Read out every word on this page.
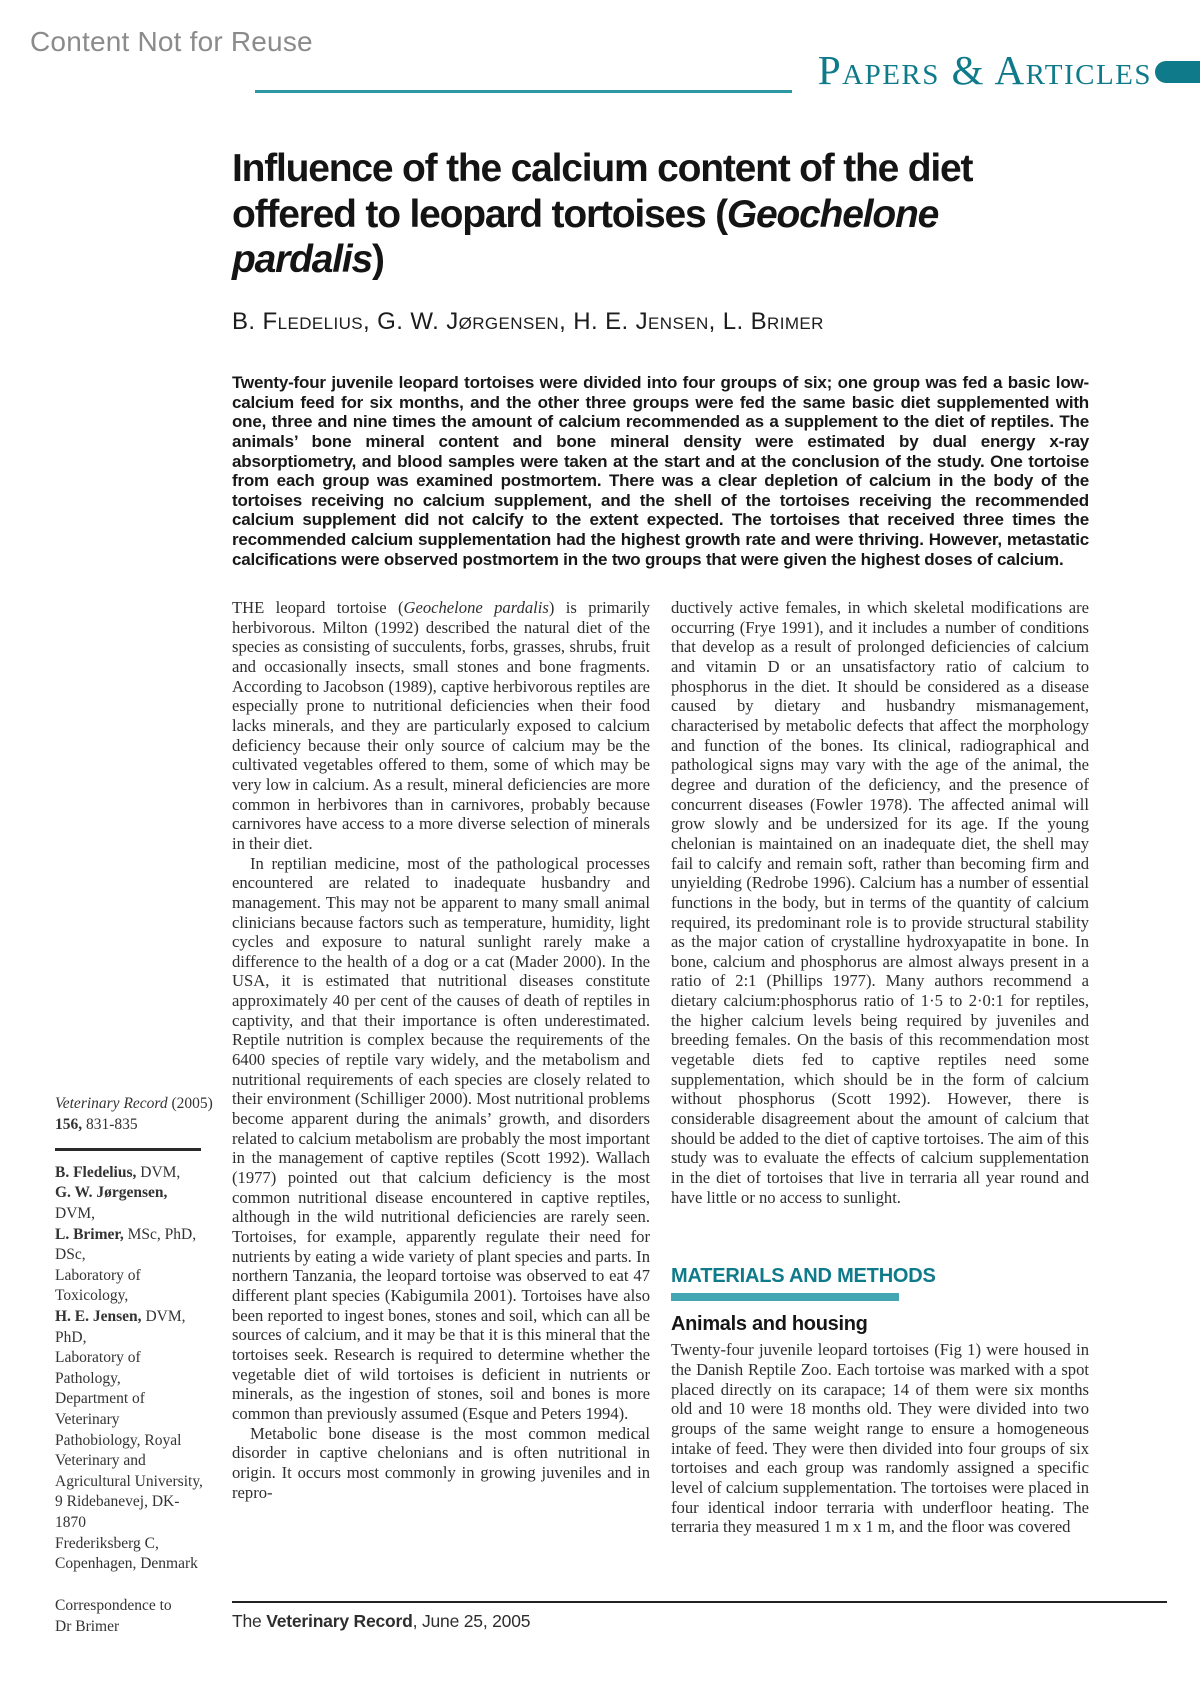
Content Not for Reuse
Papers & Articles
Influence of the calcium content of the diet offered to leopard tortoises (Geochelone pardalis)
B. Fledelius, G. W. Jørgensen, H. E. Jensen, L. Brimer
Twenty-four juvenile leopard tortoises were divided into four groups of six; one group was fed a basic low-calcium feed for six months, and the other three groups were fed the same basic diet supplemented with one, three and nine times the amount of calcium recommended as a supplement to the diet of reptiles. The animals’ bone mineral content and bone mineral density were estimated by dual energy x-ray absorptiometry, and blood samples were taken at the start and at the conclusion of the study. One tortoise from each group was examined postmortem. There was a clear depletion of calcium in the body of the tortoises receiving no calcium supplement, and the shell of the tortoises receiving the recommended calcium supplement did not calcify to the extent expected. The tortoises that received three times the recommended calcium supplementation had the highest growth rate and were thriving. However, metastatic calcifications were observed postmortem in the two groups that were given the highest doses of calcium.

THE leopard tortoise (Geochelone pardalis) is primarily herbivorous. Milton (1992) described the natural diet of the species as consisting of succulents, forbs, grasses, shrubs, fruit and occasionally insects, small stones and bone fragments. According to Jacobson (1989), captive herbivorous reptiles are especially prone to nutritional deficiencies when their food lacks minerals, and they are particularly exposed to calcium deficiency because their only source of calcium may be the cultivated vegetables offered to them, some of which may be very low in calcium. As a result, mineral deficiencies are more common in herbivores than in carnivores, probably because carnivores have access to a more diverse selection of minerals in their diet.

In reptilian medicine, most of the pathological processes encountered are related to inadequate husbandry and management. This may not be apparent to many small animal clinicians because factors such as temperature, humidity, light cycles and exposure to natural sunlight rarely make a difference to the health of a dog or a cat (Mader 2000). In the USA, it is estimated that nutritional diseases constitute approximately 40 per cent of the causes of death of reptiles in captivity, and that their importance is often underestimated. Reptile nutrition is complex because the requirements of the 6400 species of reptile vary widely, and the metabolism and nutritional requirements of each species are closely related to their environment (Schilliger 2000). Most nutritional problems become apparent during the animals’ growth, and disorders related to calcium metabolism are probably the most important in the management of captive reptiles (Scott 1992). Wallach (1977) pointed out that calcium deficiency is the most common nutritional disease encountered in captive reptiles, although in the wild nutritional deficiencies are rarely seen. Tortoises, for example, apparently regulate their need for nutrients by eating a wide variety of plant species and parts. In northern Tanzania, the leopard tortoise was observed to eat 47 different plant species (Kabigumila 2001). Tortoises have also been reported to ingest bones, stones and soil, which can all be sources of calcium, and it may be that it is this mineral that the tortoises seek. Research is required to determine whether the vegetable diet of wild tortoises is deficient in nutrients or minerals, as the ingestion of stones, soil and bones is more common than previously assumed (Esque and Peters 1994).

Metabolic bone disease is the most common medical disorder in captive chelonians and is often nutritional in origin. It occurs most commonly in growing juveniles and in repro-

ductively active females, in which skeletal modifications are occurring (Frye 1991), and it includes a number of conditions that develop as a result of prolonged deficiencies of calcium and vitamin D or an unsatisfactory ratio of calcium to phosphorus in the diet. It should be considered as a disease caused by dietary and husbandry mismanagement, characterised by metabolic defects that affect the morphology and function of the bones. Its clinical, radiographical and pathological signs may vary with the age of the animal, the degree and duration of the deficiency, and the presence of concurrent diseases (Fowler 1978). The affected animal will grow slowly and be undersized for its age. If the young chelonian is maintained on an inadequate diet, the shell may fail to calcify and remain soft, rather than becoming firm and unyielding (Redrobe 1996). Calcium has a number of essential functions in the body, but in terms of the quantity of calcium required, its predominant role is to provide structural stability as the major cation of crystalline hydroxyapatite in bone. In bone, calcium and phosphorus are almost always present in a ratio of 2:1 (Phillips 1977). Many authors recommend a dietary calcium:phosphorus ratio of 1·5 to 2·0:1 for reptiles, the higher calcium levels being required by juveniles and breeding females. On the basis of this recommendation most vegetable diets fed to captive reptiles need some supplementation, which should be in the form of calcium without phosphorus (Scott 1992). However, there is considerable disagreement about the amount of calcium that should be added to the diet of captive tortoises. The aim of this study was to evaluate the effects of calcium supplementation in the diet of tortoises that live in terraria all year round and have little or no access to sunlight.

MATERIALS AND METHODS
Animals and housing

Twenty-four juvenile leopard tortoises (Fig 1) were housed in the Danish Reptile Zoo. Each tortoise was marked with a spot placed directly on its carapace; 14 of them were six months old and 10 were 18 months old. They were divided into two groups of the same weight range to ensure a homogeneous intake of feed. They were then divided into four groups of six tortoises and each group was randomly assigned a specific level of calcium supplementation. The tortoises were placed in four identical indoor terraria with underfloor heating. The terraria they measured 1 m x 1 m, and the floor was covered

Veterinary Record (2005)
156, 831-835
B. Fledelius, DVM,
G. W. Jørgensen, DVM,
L. Brimer, MSc, PhD, DSc,
Laboratory of Toxicology,
H. E. Jensen, DVM, PhD,
Laboratory of Pathology,
Department of Veterinary
Pathobiology, Royal
Veterinary and
Agricultural University,
9 Ridebanevej, DK-1870
Frederiksberg C,
Copenhagen, Denmark
Correspondence to
Dr Brimer	The Veterinary Record, June 25, 2005
